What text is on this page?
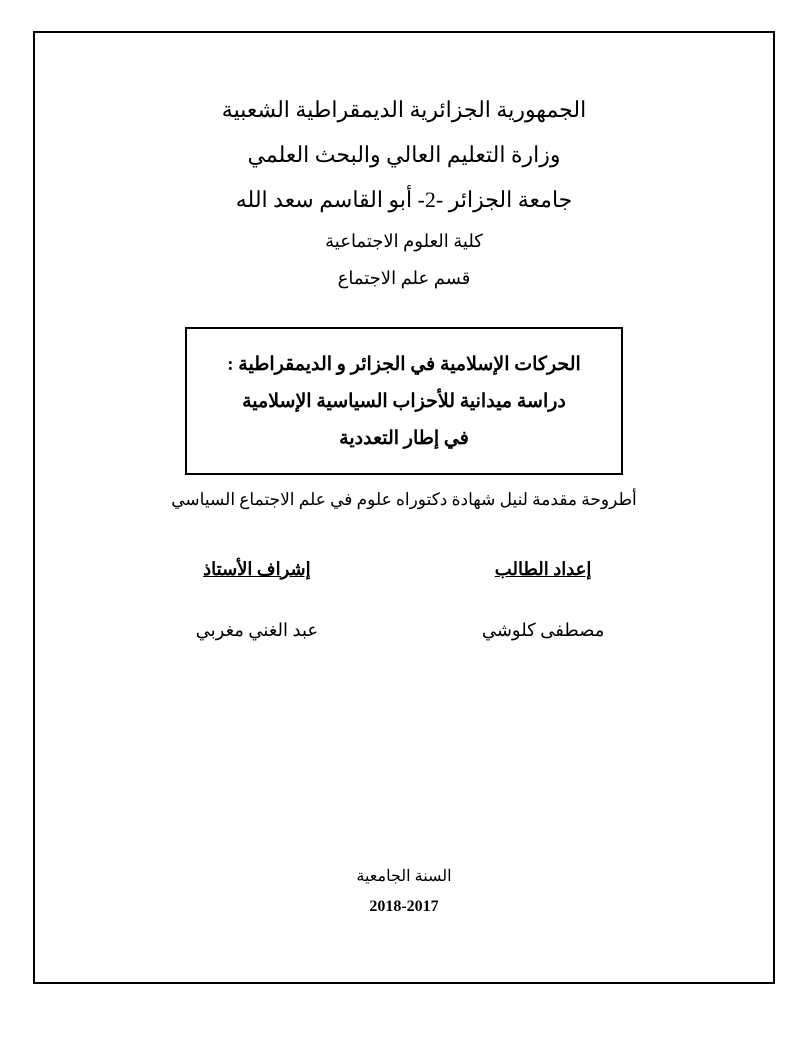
الجمهورية الجزائرية الديمقراطية الشعبية

وزارة التعليم العالي والبحث العلمي

جامعة الجزائر -2- أبو القاسم سعد الله

كلية العلوم الاجتماعية

قسم علم الاجتماع

الحركات الإسلامية في الجزائر و الديمقراطية :

دراسة ميدانية للأحزاب السياسية الإسلامية

في إطار التعددية

أطروحة مقدمة لنيل شهادة دكتوراه علوم في علم الاجتماع السياسي

إعداد الطالب

مصطفى كلوشي

إشراف الأستاذ

عبد الغني مغربي

السنة الجامعية

2018-2017
